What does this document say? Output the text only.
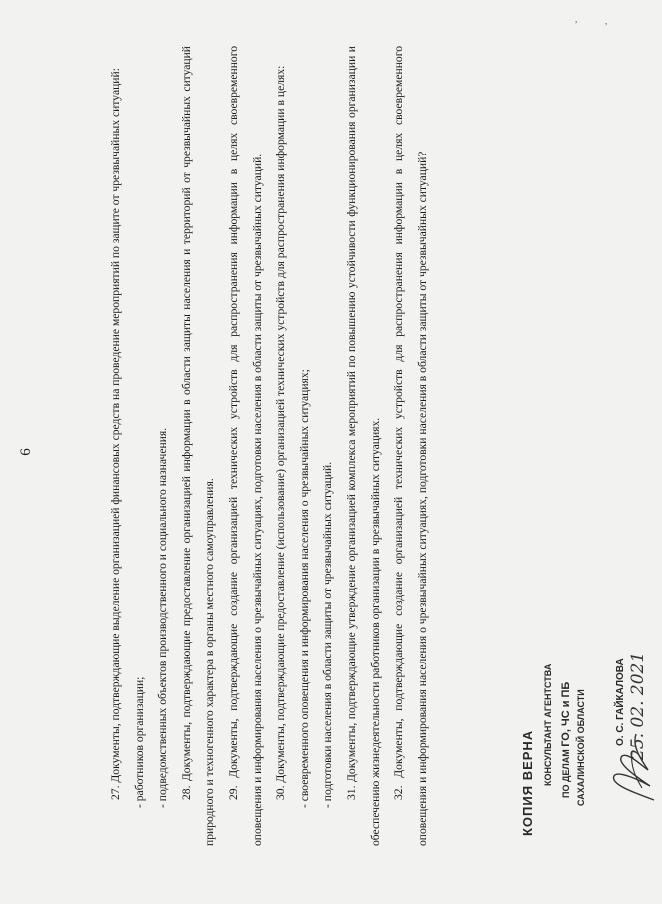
6	27. Документы, подтверждающие выделение организацией финансовых средств на проведение мероприятий по защите от чрезвычайных ситуаций: - работников организации; - подведомственных объектов производственного и социального назначения. 28. Документы, подтверждающие предоставление организацией информации в области защиты населения и территорий от чрезвычайных ситуаций природного и техногенного характера в органы местного самоуправления. 29. Документы, подтверждающие создание организацией технических устройств для распространения информации в целях своевременного оповещения и информирования населения о чрезвычайных ситуациях, подготовки населения в области защиты от чрезвычайных ситуаций. 30. Документы, подтверждающие предоставление (использование) организацией технических устройств для распространения информации в целях: - своевременного оповещения и информирования населения о чрезвычайных ситуациях; - подготовки населения в области защиты от чрезвычайных ситуаций. 31. Документы, подтверждающие утверждение организацией комплекса мероприятий по повышению устойчивости функционирования организации и обеспечению жизнедеятельности работников организации в чрезвычайных ситуациях. 32. Документы, подтверждающие создание организацией технических устройств для распространения информации в целях своевременного оповещения и информирования населения о чрезвычайных ситуациях, подготовки населения в области защиты от чрезвычайных ситуаций?	КОПИЯ ВЕРНА КОНСУЛЬТАНТ АГЕНТСТВА ПО ДЕЛАМ ГО, ЧС и ПБ САХАЛИНСКОЙ ОБЛАСТИ	О. С. ГАЙКАЛОВА 25. 02. 2021
,	,
